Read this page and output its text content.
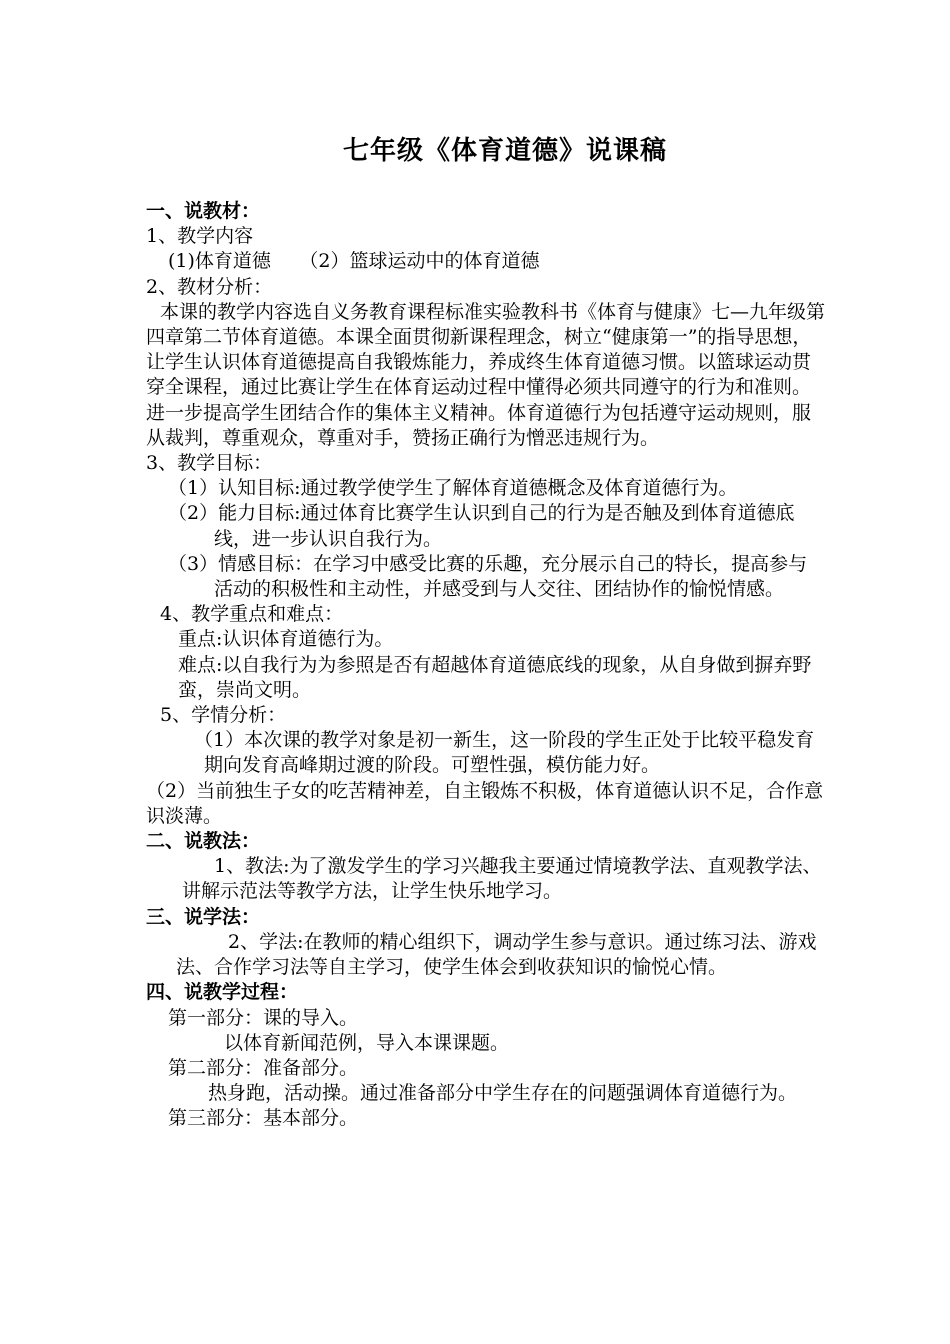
七年级《体育道德》说课稿

一、说教材：

1、教学内容

(1)体育道德　　（2）篮球运动中的体育道德

2、教材分析：

本课的教学内容选自义务教育课程标准实验教科书《体育与健康》七—九年级第四章第二节体育道德。本课全面贯彻新课程理念，树立“健康第一”的指导思想，让学生认识体育道德提高自我锻炼能力，养成终生体育道德习惯。以篮球运动贯穿全课程，通过比赛让学生在体育运动过程中懂得必须共同遵守的行为和准则。进一步提高学生团结合作的集体主义精神。体育道德行为包括遵守运动规则，服从裁判，尊重观众，尊重对手，赞扬正确行为憎恶违规行为。

3、教学目标：

（1）认知目标:通过教学使学生了解体育道德概念及体育道德行为。

（2）能力目标:通过体育比赛学生认识到自己的行为是否触及到体育道德底线，进一步认识自我行为。

（3）情感目标：在学习中感受比赛的乐趣，充分展示自己的特长，提高参与活动的积极性和主动性，并感受到与人交往、团结协作的愉悦情感。

4、教学重点和难点：

重点:认识体育道德行为。

难点:以自我行为为参照是否有超越体育道德底线的现象，从自身做到摒弃野蛮，崇尚文明。

5、学情分析：

（1）本次课的教学对象是初一新生，这一阶段的学生正处于比较平稳发育期向发育高峰期过渡的阶段。可塑性强，模仿能力好。

（2）当前独生子女的吃苦精神差，自主锻炼不积极，体育道德认识不足，合作意识淡薄。

二、说教法：

1、教法:为了激发学生的学习兴趣我主要通过情境教学法、直观教学法、讲解示范法等教学方法，让学生快乐地学习。

三、说学法：

2、学法:在教师的精心组织下，调动学生参与意识。通过练习法、游戏法、合作学习法等自主学习，使学生体会到收获知识的愉悦心情。

四、说教学过程：

第一部分：课的导入。

以体育新闻范例，导入本课课题。

第二部分：准备部分。

热身跑，活动操。通过准备部分中学生存在的问题强调体育道德行为。

第三部分：基本部分。
